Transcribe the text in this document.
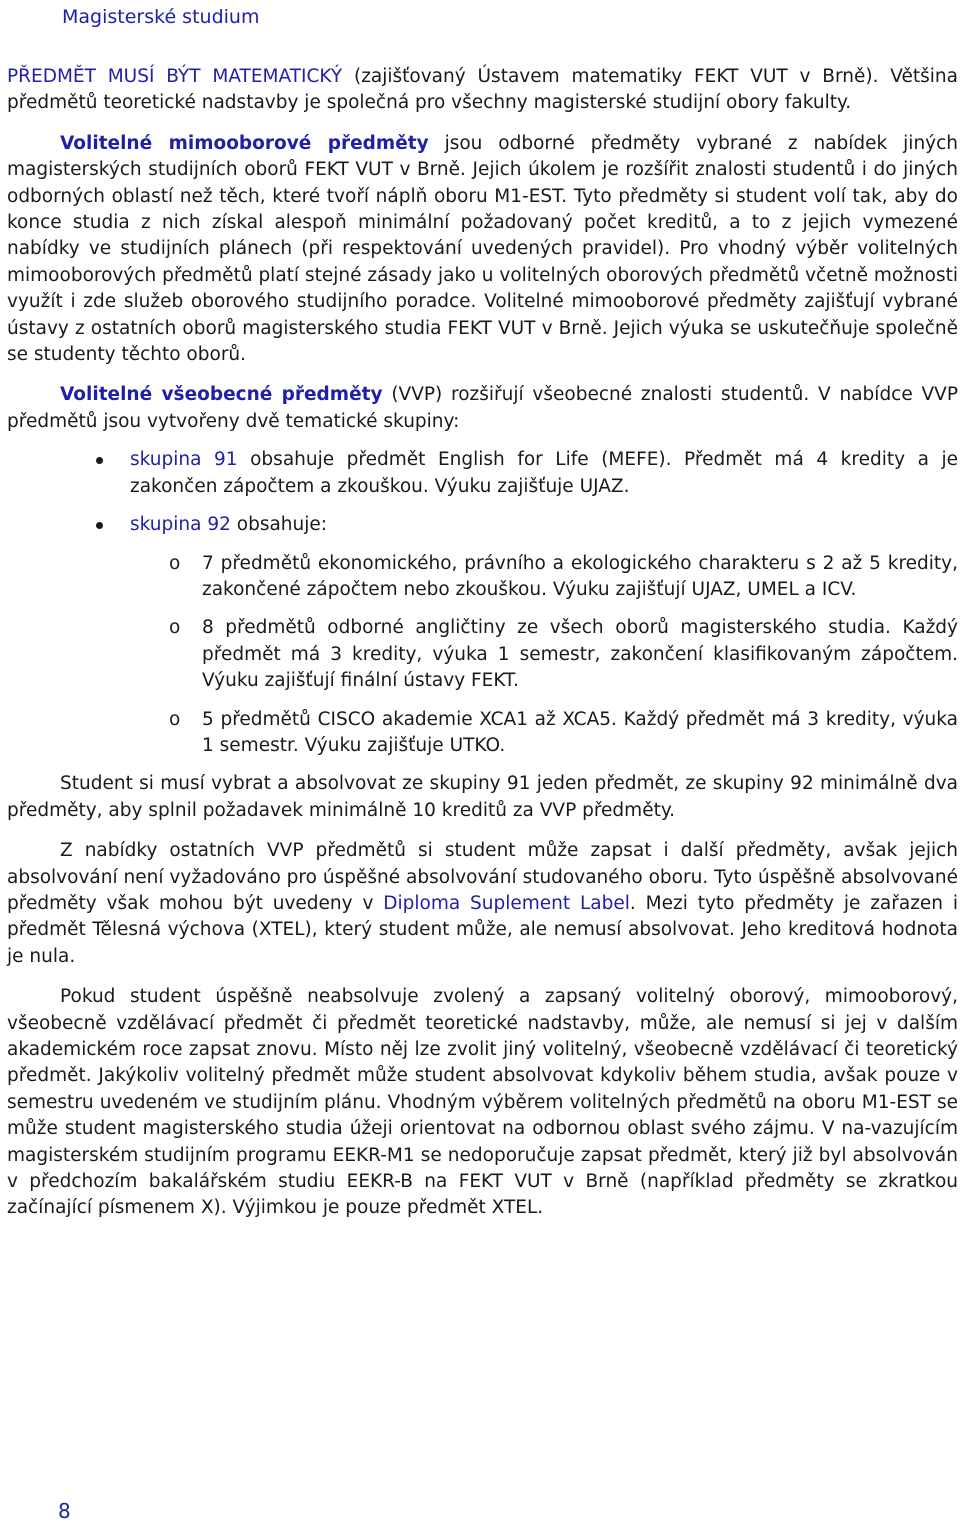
Magisterské studium

PŘEDMĚT MUSÍ BÝT MATEMATICKÝ (zajišťovaný Ústavem matematiky FEKT VUT v Brně). Většina předmětů teoretické nadstavby je společná pro všechny magisterské studijní obory fakulty.

Volitelné mimooborové předměty jsou odborné předměty vybrané z nabídek jiných magisterských studijních oborů FEKT VUT v Brně. Jejich úkolem je rozšířit znalosti studentů i do jiných odborných oblastí než těch, které tvoří náplň oboru M1-EST. Tyto předměty si student volí tak, aby do konce studia z nich získal alespoň minimální požadovaný počet kreditů, a to z jejich vymezené nabídky ve studijních plánech (při respektování uvedených pravidel). Pro vhodný výběr volitelných mimooborových předmětů platí stejné zásady jako u volitelných oborových předmětů včetně možnosti využít i zde služeb oborového studijního poradce. Volitelné mimooborové předměty zajišťují vybrané ústavy z ostatních oborů magisterského studia FEKT VUT v Brně. Jejich výuka se uskutečňuje společně se studenty těchto oborů.

Volitelné všeobecné předměty (VVP) rozšiřují všeobecné znalosti studentů. V nabídce VVP předmětů jsou vytvořeny dvě tematické skupiny:

skupina 91 obsahuje předmět English for Life (MEFE). Předmět má 4 kredity a je zakončen zápočtem a zkouškou. Výuku zajišťuje UJAZ.
skupina 92 obsahuje:
o 7 předmětů ekonomického, právního a ekologického charakteru s 2 až 5 kredity, zakončené zápočtem nebo zkouškou. Výuku zajišťují UJAZ, UMEL a ICV.
o 8 předmětů odborné angličtiny ze všech oborů magisterského studia. Každý předmět má 3 kredity, výuka 1 semestr, zakončení klasifikovaným zápočtem. Výuku zajišťují finální ústavy FEKT.
o 5 předmětů CISCO akademie XCA1 až XCA5. Každý předmět má 3 kredity, výuka 1 semestr. Výuku zajišťuje UTKO.

Student si musí vybrat a absolvovat ze skupiny 91 jeden předmět, ze skupiny 92 minimálně dva předměty, aby splnil požadavek minimálně 10 kreditů za VVP předměty.

Z nabídky ostatních VVP předmětů si student může zapsat i další předměty, avšak jejich absolvování není vyžadováno pro úspěšné absolvování studovaného oboru. Tyto úspěšně absolvované předměty však mohou být uvedeny v Diploma Suplement Label. Mezi tyto předměty je zařazen i předmět Tělesná výchova (XTEL), který student může, ale nemusí absolvovat. Jeho kreditová hodnota je nula.

Pokud student úspěšně neabsolvuje zvolený a zapsaný volitelný oborový, mimooborový, všeobecně vzdělávací předmět či předmět teoretické nadstavby, může, ale nemusí si jej v dalším akademickém roce zapsat znovu. Místo něj lze zvolit jiný volitelný, všeobecně vzdělávací či teoretický předmět. Jakýkoliv volitelný předmět může student absolvovat kdykoliv během studia, avšak pouze v semestru uvedeném ve studijním plánu. Vhodným výběrem volitelných předmětů na oboru M1-EST se může student magisterského studia úžeji orientovat na odbornou oblast svého zájmu. V na-vazujícím magisterském studijním programu EEKR-M1 se nedoporučuje zapsat předmět, který již byl absolvován v předchozím bakalářském studiu EEKR-B na FEKT VUT v Brně (například předměty se zkratkou začínající písmenem X). Výjimkou je pouze předmět XTEL.

8
